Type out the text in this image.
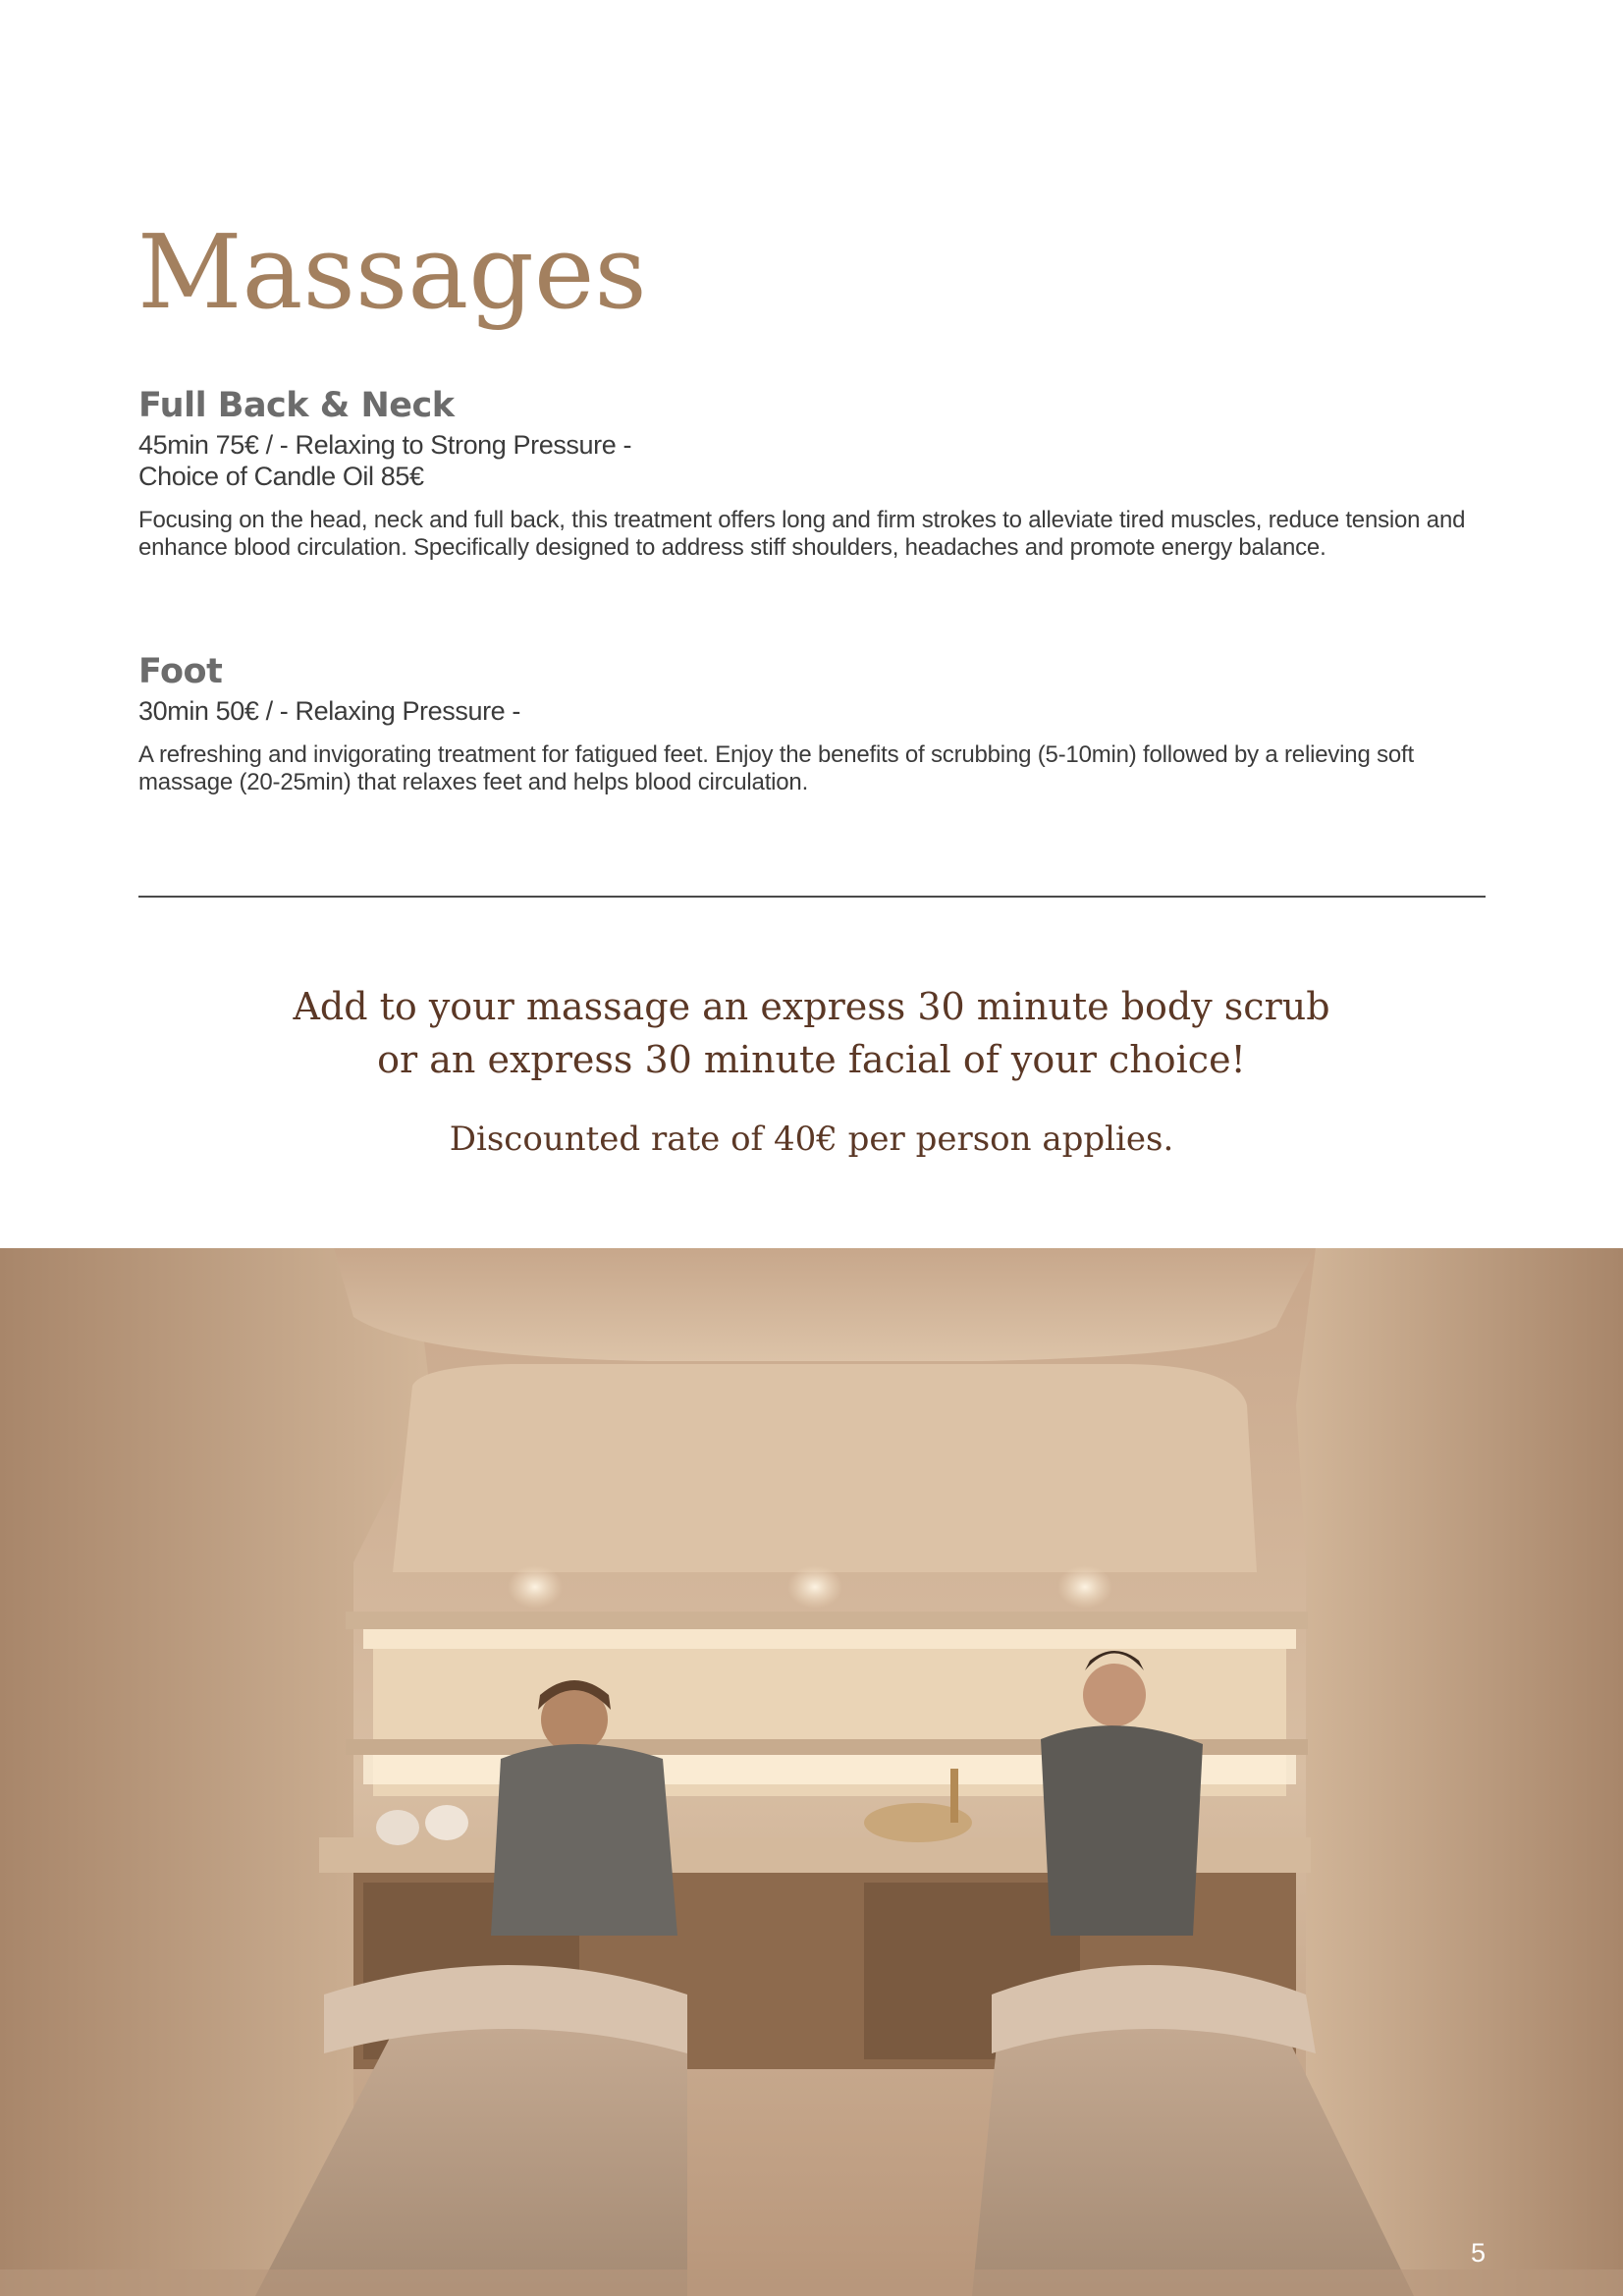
Massages
Full Back & Neck
45min 75€ / - Relaxing to Strong Pressure -
Choice of Candle Oil 85€

Focusing on the head, neck and full back, this treatment offers long and firm strokes to alleviate tired muscles, reduce tension and enhance blood circulation. Specifically designed to address stiff shoulders, headaches and promote energy balance.

Foot
30min 50€ / - Relaxing Pressure -

A refreshing and invigorating treatment for fatigued feet. Enjoy the benefits of scrubbing (5-10min) followed by a relieving soft massage (20-25min) that relaxes feet and helps blood circulation.

Add to your massage an express 30 minute body scrub
or an express 30 minute facial of your choice!
Discounted rate of 40€ per person applies.
5
